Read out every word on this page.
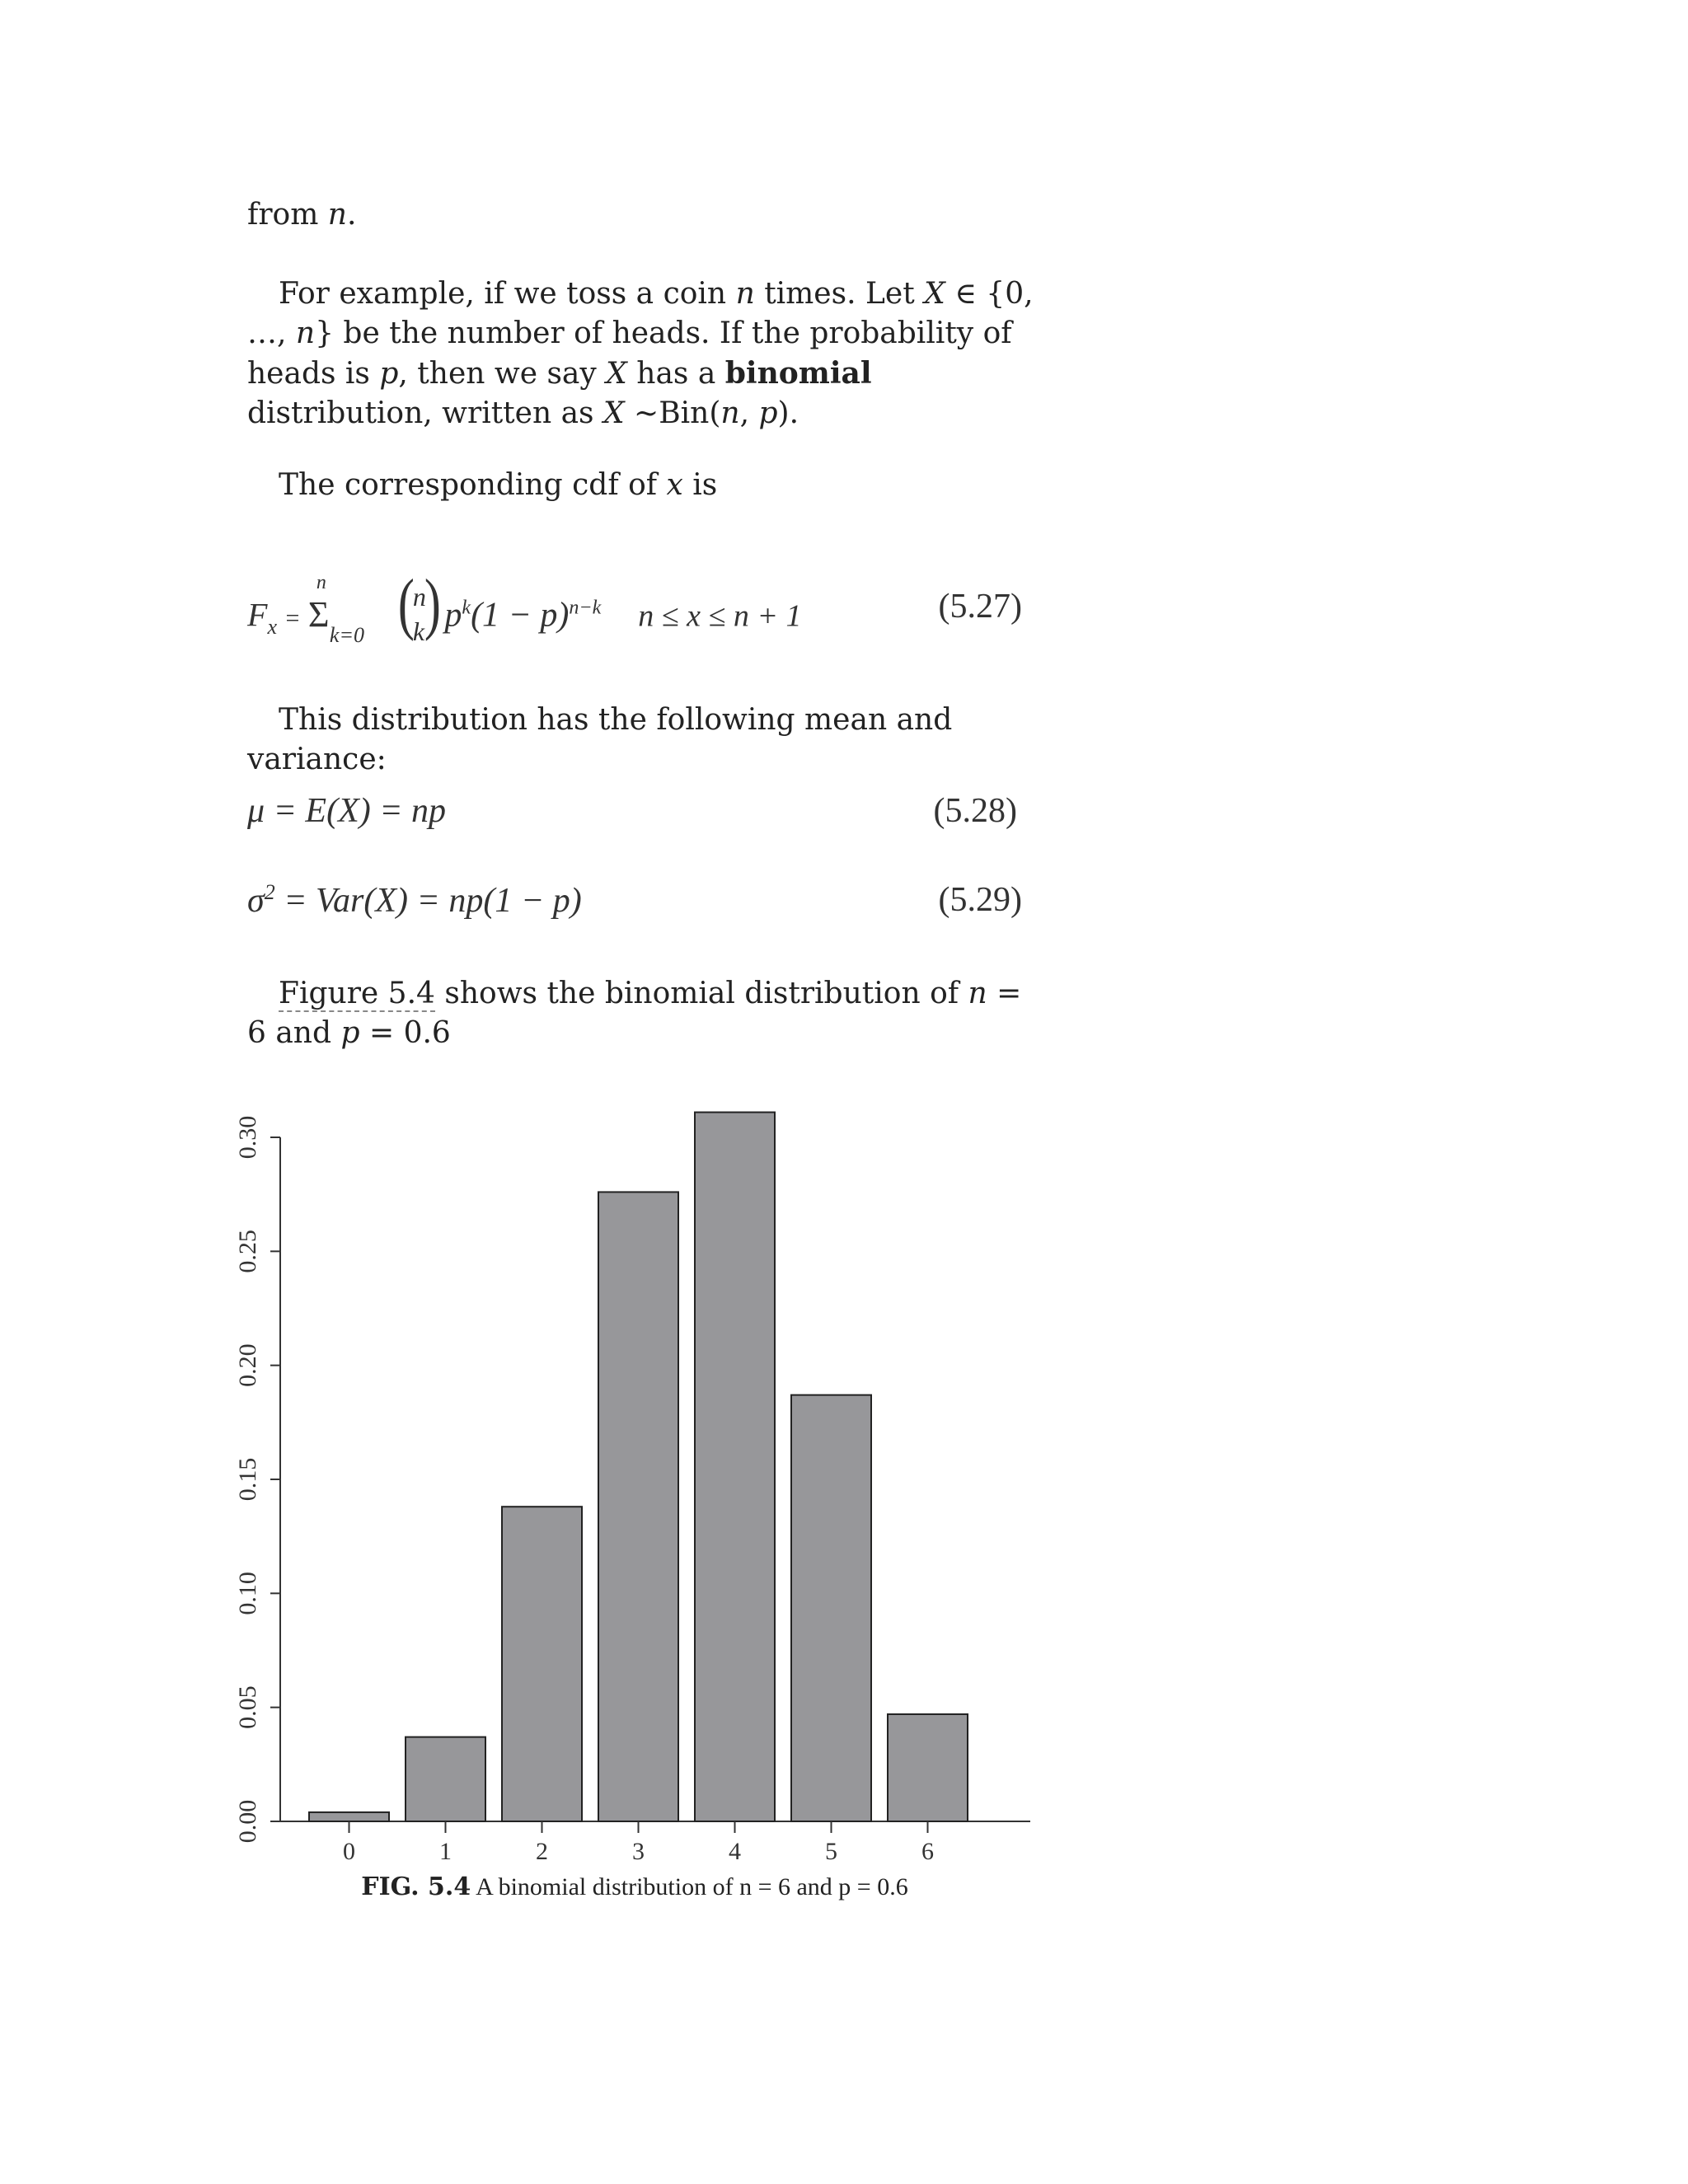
from n.

For example, if we toss a coin n times. Let X ∈ {0, …, n} be the number of heads. If the probability of heads is p, then we say X has a binomial distribution, written as X ~Bin(n, p).

The corresponding cdf of x is

$F_x$ =
n
Σ
k=0
(
n
k ) $p^k(1 - p)^{n-k}$ n ≤ x ≤ n + 1	(5.27)

This distribution has the following mean and variance:

μ = E(X) = np	(5.28)
$\sigma^2 = Var(X) = np(1 - p)$	(5.29)

Figure 5.4 shows the binomial distribution of n = 6 and p = 0.6

0.00
0.05
0.10
0.15
0.20
0.25
0.30
0	1	2	3	4	5	6
FIG. 5.4 A binomial distribution of n = 6 and p = 0.6
